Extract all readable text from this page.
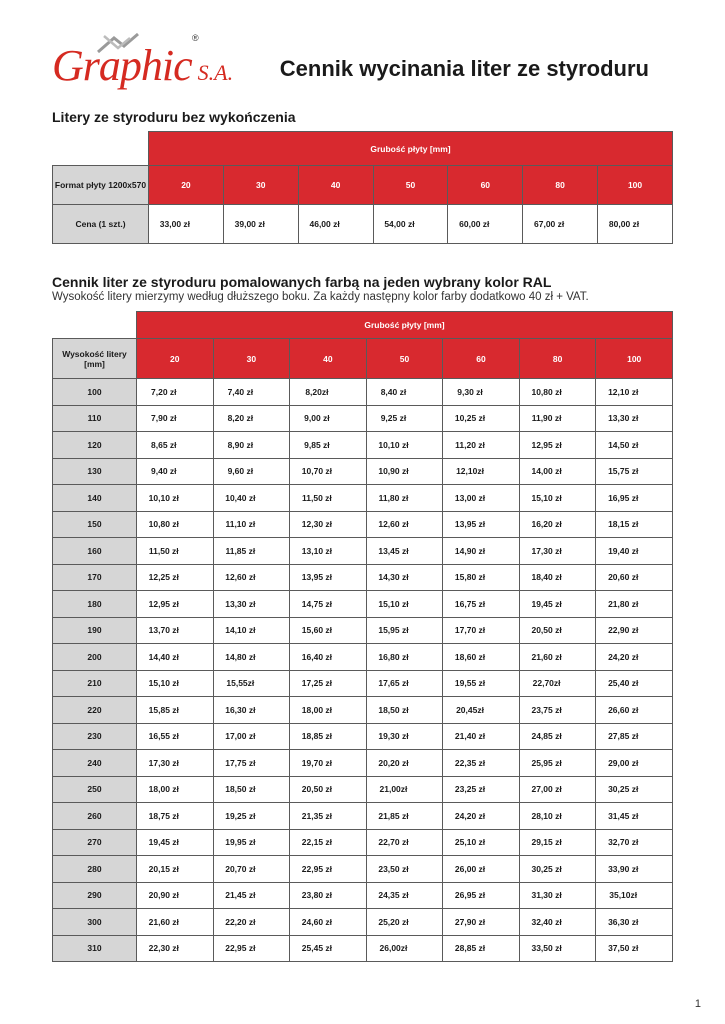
Graphic S.A.
®
Cennik wycinania liter ze styroduru
Litery ze styroduru bez wykończenia
	Grubość płyty [mm]						
Format płyty 1200x570	20	30	40	50	60	80	100
Cena (1 szt.)	33,00 zł	39,00 zł	46,00 zł	54,00 zł	60,00 zł	67,00 zł	80,00 zł
Cennik liter ze styroduru pomalowanych farbą na jeden wybrany kolor RAL
Wysokość litery mierzymy według dłuższego boku. Za każdy następny kolor farby dodatkowo 40 zł + VAT.
	Grubość płyty [mm]						
Wysokość litery [mm]	20	30	40	50	60	80	100
100	7,20 zł	7,40 zł	8,20zł	8,40 zł	9,30 zł	10,80 zł	12,10 zł
110	7,90 zł	8,20 zł	9,00 zł	9,25 zł	10,25 zł	11,90 zł	13,30 zł
120	8,65 zł	8,90 zł	9,85 zł	10,10 zł	11,20 zł	12,95 zł	14,50 zł
130	9,40 zł	9,60 zł	10,70 zł	10,90 zł	12,10zł	14,00 zł	15,75 zł
140	10,10 zł	10,40 zł	11,50 zł	11,80 zł	13,00 zł	15,10 zł	16,95 zł
150	10,80 zł	11,10 zł	12,30 zł	12,60 zł	13,95 zł	16,20 zł	18,15 zł
160	11,50 zł	11,85 zł	13,10 zł	13,45 zł	14,90 zł	17,30 zł	19,40 zł
170	12,25 zł	12,60 zł	13,95 zł	14,30 zł	15,80 zł	18,40 zł	20,60 zł
180	12,95 zł	13,30 zł	14,75 zł	15,10 zł	16,75 zł	19,45 zł	21,80 zł
190	13,70 zł	14,10 zł	15,60 zł	15,95 zł	17,70 zł	20,50 zł	22,90 zł
200	14,40 zł	14,80 zł	16,40 zł	16,80 zł	18,60 zł	21,60 zł	24,20 zł
210	15,10 zł	15,55zł	17,25 zł	17,65 zł	19,55 zł	22,70zł	25,40 zł
220	15,85 zł	16,30 zł	18,00 zł	18,50 zł	20,45zł	23,75 zł	26,60 zł
230	16,55 zł	17,00 zł	18,85 zł	19,30 zł	21,40 zł	24,85 zł	27,85 zł
240	17,30 zł	17,75 zł	19,70 zł	20,20 zł	22,35 zł	25,95 zł	29,00 zł
250	18,00 zł	18,50 zł	20,50 zł	21,00zł	23,25 zł	27,00 zł	30,25 zł
260	18,75 zł	19,25 zł	21,35 zł	21,85 zł	24,20 zł	28,10 zł	31,45 zł
270	19,45 zł	19,95 zł	22,15 zł	22,70 zł	25,10 zł	29,15 zł	32,70 zł
280	20,15 zł	20,70 zł	22,95 zł	23,50 zł	26,00 zł	30,25 zł	33,90 zł
290	20,90 zł	21,45 zł	23,80 zł	24,35 zł	26,95 zł	31,30 zł	35,10zł
300	21,60 zł	22,20 zł	24,60 zł	25,20 zł	27,90 zł	32,40 zł	36,30 zł
310	22,30 zł	22,95 zł	25,45 zł	26,00zł	28,85 zł	33,50 zł	37,50 zł
1
